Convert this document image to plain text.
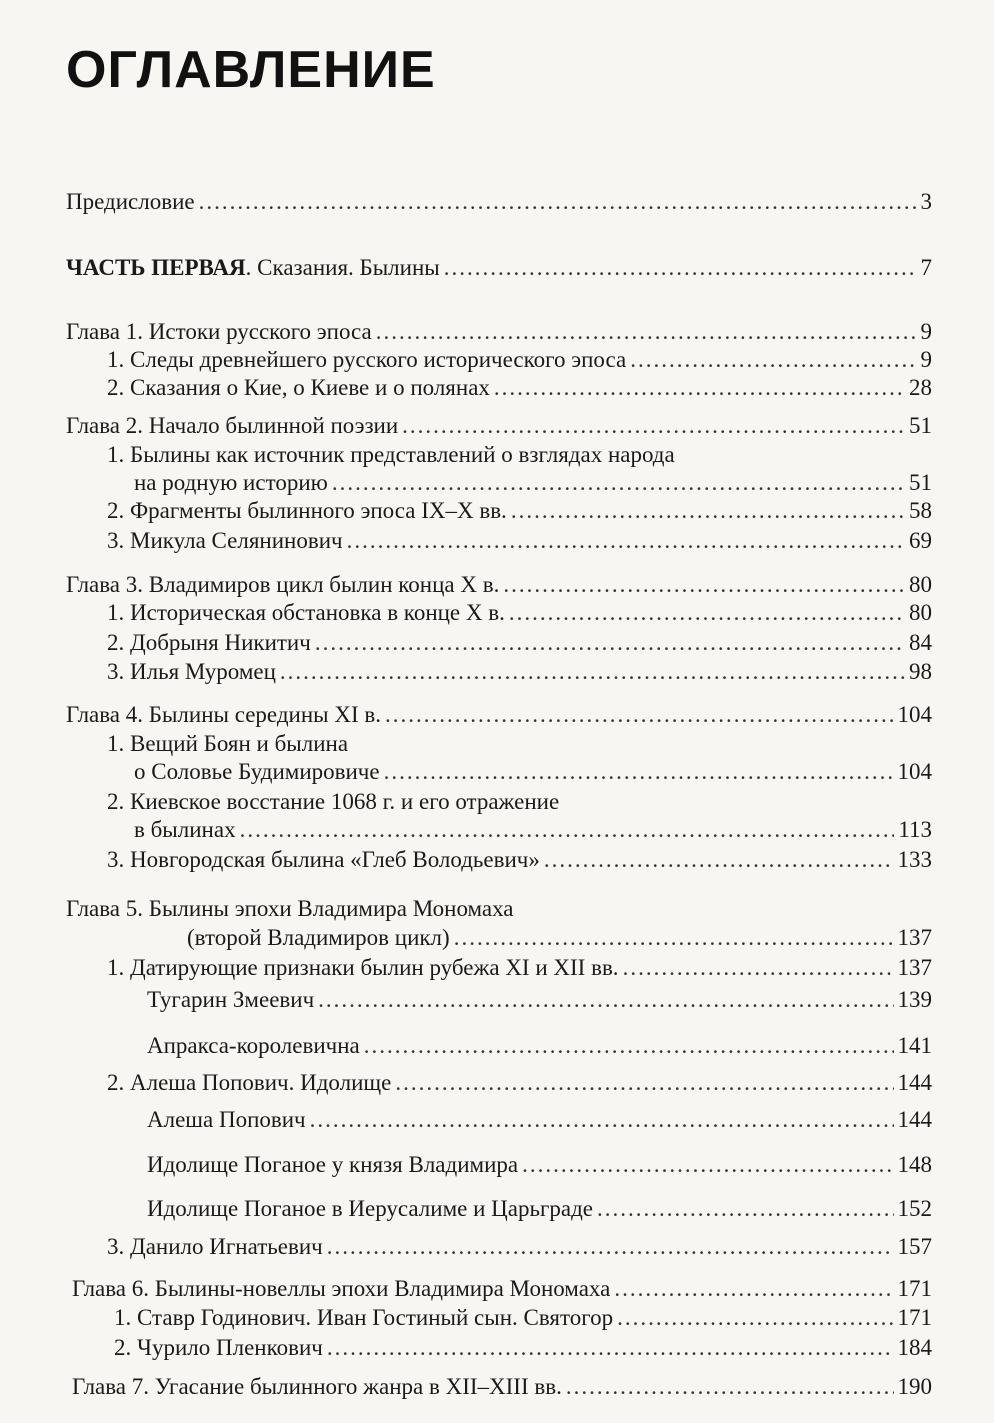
ОГЛАВЛЕНИЕ
Предисловие .....	3
ЧАСТЬ ПЕРВАЯ. Сказания. Былины .....	7
Глава 1. Истоки русского эпоса .....	9
1. Следы древнейшего русского исторического эпоса .....	9
2. Сказания о Кие, о Киеве и о полянах .....	28
Глава 2. Начало былинной поэзии .....	51
1. Былины как источник представлений о взглядах народа
на родную историю .....	51
2. Фрагменты былинного эпоса IX–X вв. .....	58
3. Микула Селянинович .....	69
Глава 3. Владимиров цикл былин конца X в. .....	80
1. Историческая обстановка в конце X в. .....	80
2. Добрыня Никитич .....	84
3. Илья Муромец .....	98
Глава 4. Былины середины XI в. .....	104
1. Вещий Боян и былина
о Соловье Будимировиче .....	104
2. Киевское восстание 1068 г. и его отражение
в былинах .....	113
3. Новгородская былина «Глеб Володьевич» .....	133
Глава 5. Былины эпохи Владимира Мономаха
(второй Владимиров цикл) .....	137
1. Датирующие признаки былин рубежа XI и XII вв. .....	137
Тугарин Змеевич .....	139
Апракса-королевична .....	141
2. Алеша Попович. Идолище .....	144
Алеша Попович .....	144
Идолище Поганое у князя Владимира .....	148
Идолище Поганое в Иерусалиме и Царьграде .....	152
3. Данило Игнатьевич .....	157
Глава 6. Былины-новеллы эпохи Владимира Мономаха .....	171
1. Ставр Годинович. Иван Гостиный сын. Святогор .....	171
2. Чурило Пленкович .....	184
Глава 7. Угасание былинного жанра в XII–XIII вв. .....	190
